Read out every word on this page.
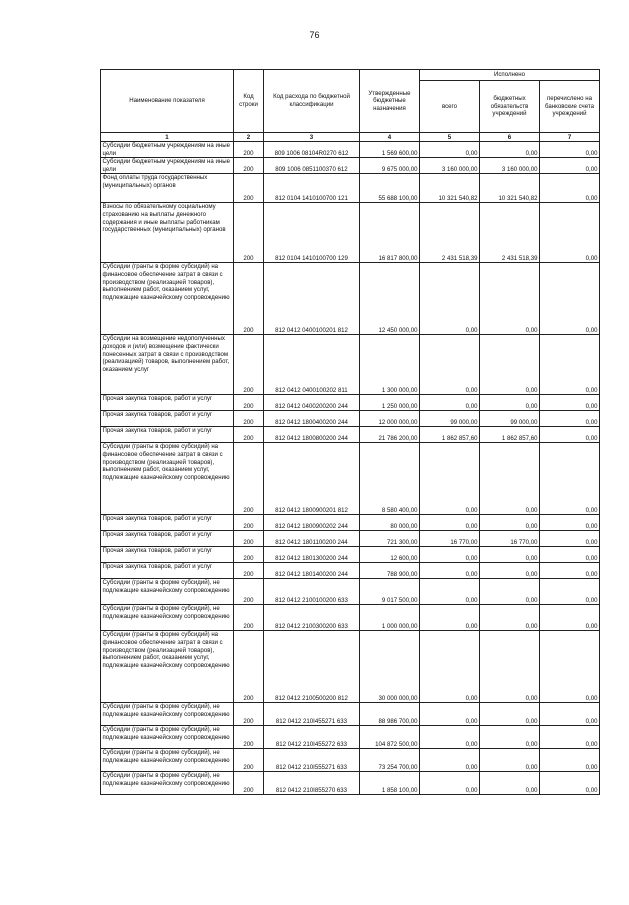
76
Наименование показателя	Код строки	Код расхода по бюджетной классификации	Утвержденные бюджетные назначения	Исполнено		
				всего	бюджетных обязательств учреждений	перечислено на банковские счета учреждений
1	2	3	4	5	6	7
Субсидии бюджетным учреждениям на иные цели	200	809 1006 08104R0270 612	1 569 600,00	0,00	0,00	0,00
Субсидии бюджетным учреждениям на иные цели	200	809 1006 0851100370 612	9 675 000,00	3 160 000,00	3 160 000,00	0,00
Фонд оплаты труда государственных (муниципальных) органов	200	812 0104 1410100700 121	55 688 100,00	10 321 540,82	10 321 540,82	0,00
Взносы по обязательному социальному страхованию на выплаты денежного содержания и иные выплаты работникам государственных (муниципальных) органов	200	812 0104 1410100700 129	16 817 800,00	2 431 518,39	2 431 518,39	0,00
Субсидии (гранты в форме субсидий) на финансовое обеспечение затрат в связи с производством (реализацией товаров), выполнением работ, оказанием услуг, подлежащие казначейскому сопровождению	200	812 0412 0400100201 812	12 450 000,00	0,00	0,00	0,00
Субсидии на возмещение недополученных доходов и (или) возмещение фактически понесенных затрат в связи с производством (реализацией) товаров, выполнением работ, оказанием услуг	200	812 0412 0400100202 811	1 300 000,00	0,00	0,00	0,00
Прочая закупка товаров, работ и услуг	200	812 0412 0400200200 244	1 250 000,00	0,00	0,00	0,00
Прочая закупка товаров, работ и услуг	200	812 0412 1800400200 244	12 000 000,00	99 000,00	99 000,00	0,00
Прочая закупка товаров, работ и услуг	200	812 0412 1800800200 244	21 786 200,00	1 862 857,60	1 862 857,60	0,00
Субсидии (гранты в форме субсидий) на финансовое обеспечение затрат в связи с производством (реализацией товаров), выполнением работ, оказанием услуг, подлежащие казначейскому сопровождению	200	812 0412 1800900201 812	8 580 400,00	0,00	0,00	0,00
Прочая закупка товаров, работ и услуг	200	812 0412 1800900202 244	80 000,00	0,00	0,00	0,00
Прочая закупка товаров, работ и услуг	200	812 0412 1801100200 244	721 300,00	16 770,00	16 770,00	0,00
Прочая закупка товаров, работ и услуг	200	812 0412 1801300200 244	12 600,00	0,00	0,00	0,00
Прочая закупка товаров, работ и услуг	200	812 0412 1801400200 244	788 900,00	0,00	0,00	0,00
Субсидии (гранты в форме субсидий), не подлежащие казначейскому сопровождению	200	812 0412 2100100200 633	9 017 500,00	0,00	0,00	0,00
Субсидии (гранты в форме субсидий), не подлежащие казначейскому сопровождению	200	812 0412 2100300200 633	1 000 000,00	0,00	0,00	0,00
Субсидии (гранты в форме субсидий) на финансовое обеспечение затрат в связи с производством (реализацией товаров), выполнением работ, оказанием услуг, подлежащие казначейскому сопровождению	200	812 0412 2100500200 812	30 000 000,00	0,00	0,00	0,00
Субсидии (гранты в форме субсидий), не подлежащие казначейскому сопровождению	200	812 0412 210I455271 633	88 986 700,00	0,00	0,00	0,00
Субсидии (гранты в форме субсидий), не подлежащие казначейскому сопровождению	200	812 0412 210I455272 633	104 872 500,00	0,00	0,00	0,00
Субсидии (гранты в форме субсидий), не подлежащие казначейскому сопровождению	200	812 0412 210I555271 633	73 254 700,00	0,00	0,00	0,00
Субсидии (гранты в форме субсидий), не подлежащие казначейскому сопровождению	200	812 0412 210I855270 633	1 858 100,00	0,00	0,00	0,00
